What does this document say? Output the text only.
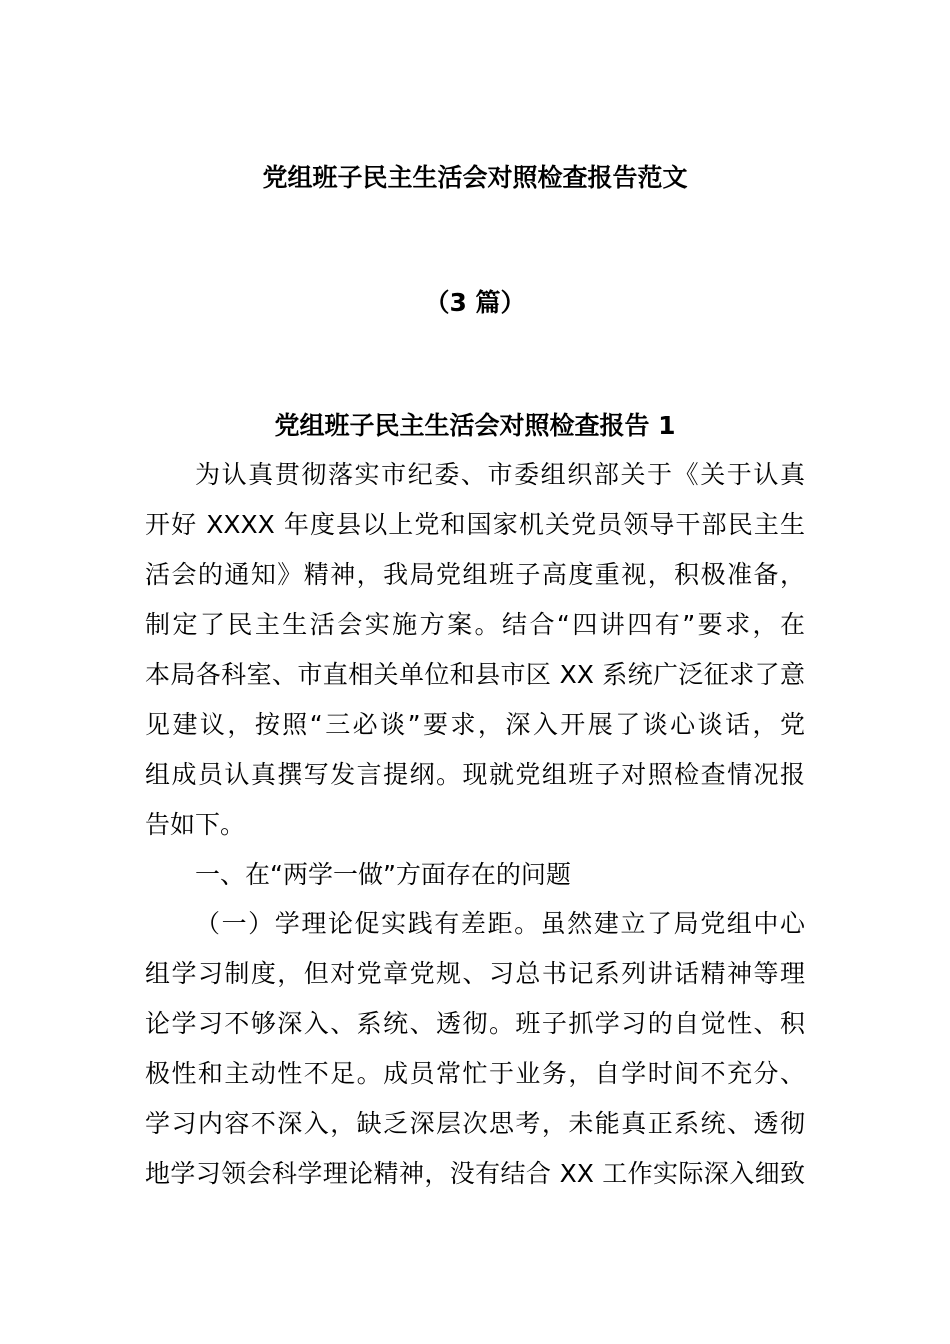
党组班子民主生活会对照检查报告范文
（3 篇）
党组班子民主生活会对照检查报告 1

为认真贯彻落实市纪委、市委组织部关于《关于认真

开好 XXXX 年度县以上党和国家机关党员领导干部民主生

活会的通知》精神，我局党组班子高度重视，积极准备，

制定了民主生活会实施方案。结合“四讲四有”要求，在

本局各科室、市直相关单位和县市区 XX 系统广泛征求了意

见建议，按照“三必谈”要求，深入开展了谈心谈话，党

组成员认真撰写发言提纲。现就党组班子对照检查情况报

告如下。

一、在“两学一做”方面存在的问题

（一）学理论促实践有差距。虽然建立了局党组中心

组学习制度，但对党章党规、习总书记系列讲话精神等理

论学习不够深入、系统、透彻。班子抓学习的自觉性、积

极性和主动性不足。成员常忙于业务，自学时间不充分、

学习内容不深入，缺乏深层次思考，未能真正系统、透彻

地学习领会科学理论精神，没有结合 XX 工作实际深入细致
